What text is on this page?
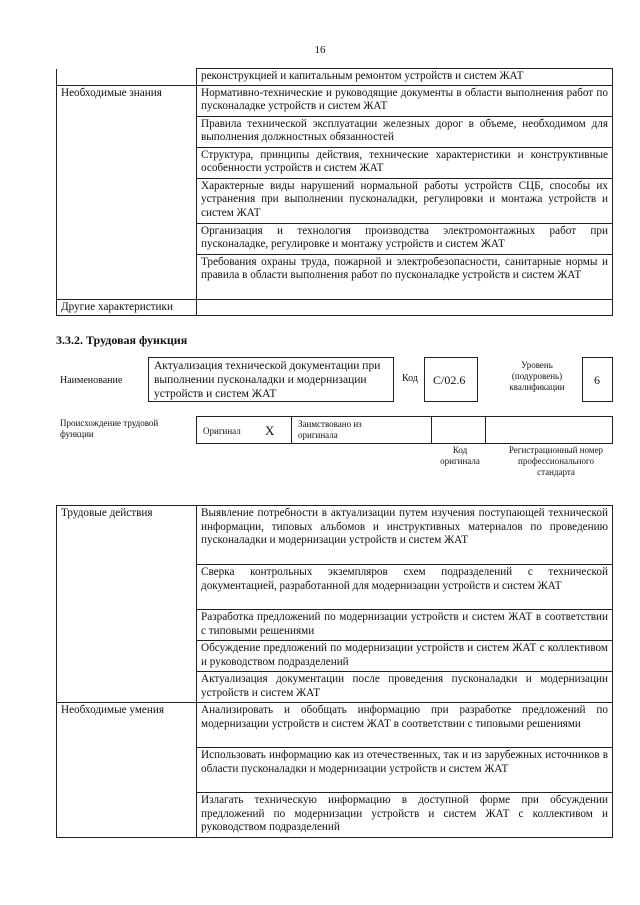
16
	реконструкцией и капитальным ремонтом устройств и систем ЖАТ
Необходимые знания	Нормативно-технические и руководящие документы в области выполнения работ по пусконаладке устройств и систем ЖАТ
	Правила технической эксплуатации железных дорог в объеме, необходимом для выполнения должностных обязанностей
	Структура, принципы действия, технические характеристики и конструктивные особенности устройств и систем ЖАТ
	Характерные виды нарушений нормальной работы устройств СЦБ, способы их устранения при выполнении пусконаладки, регулировки и монтажа устройств и систем ЖАТ
	Организация и технология производства электромонтажных работ при пусконаладке, регулировке и монтажу устройств и систем ЖАТ
	Требования охраны труда, пожарной и электробезопасности, санитарные нормы и правила в области выполнения работ по пусконаладке устройств и систем ЖАТ
Другие характеристики	
3.3.2. Трудовая функция
Наименование
Актуализация технической документации при выполнении пусконаладки и модернизации устройств и систем ЖАТ
Код C/02.6
Уровень (подуровень) квалификации	6
Происхождение трудовой функции	Оригинал X	Заимствовано из оригинала
Код оригинала
Регистрационный номер профессионального стандарта
Трудовые действия	Выявление потребности в актуализации путем изучения поступающей технической информации, типовых альбомов и инструктивных материалов по проведению пусконаладки и модернизации устройств и систем ЖАТ
	Сверка контрольных экземпляров схем подразделений с технической документацией, разработанной для модернизации устройств и систем ЖАТ
	Разработка предложений по модернизации устройств и систем ЖАТ в соответствии с типовыми решениями
	Обсуждение предложений по модернизации устройств и систем ЖАТ с коллективом и руководством подразделений
	Актуализация документации после проведения пусконаладки и модернизации устройств и систем ЖАТ
Необходимые умения	Анализировать и обобщать информацию при разработке предложений по модернизации устройств и систем ЖАТ в соответствии с типовыми решениями
	Использовать информацию как из отечественных, так и из зарубежных источников в области пусконаладки и модернизации устройств и систем ЖАТ
	Излагать техническую информацию в доступной форме при обсуждении предложений по модернизации устройств и систем ЖАТ с коллективом и руководством подразделений
